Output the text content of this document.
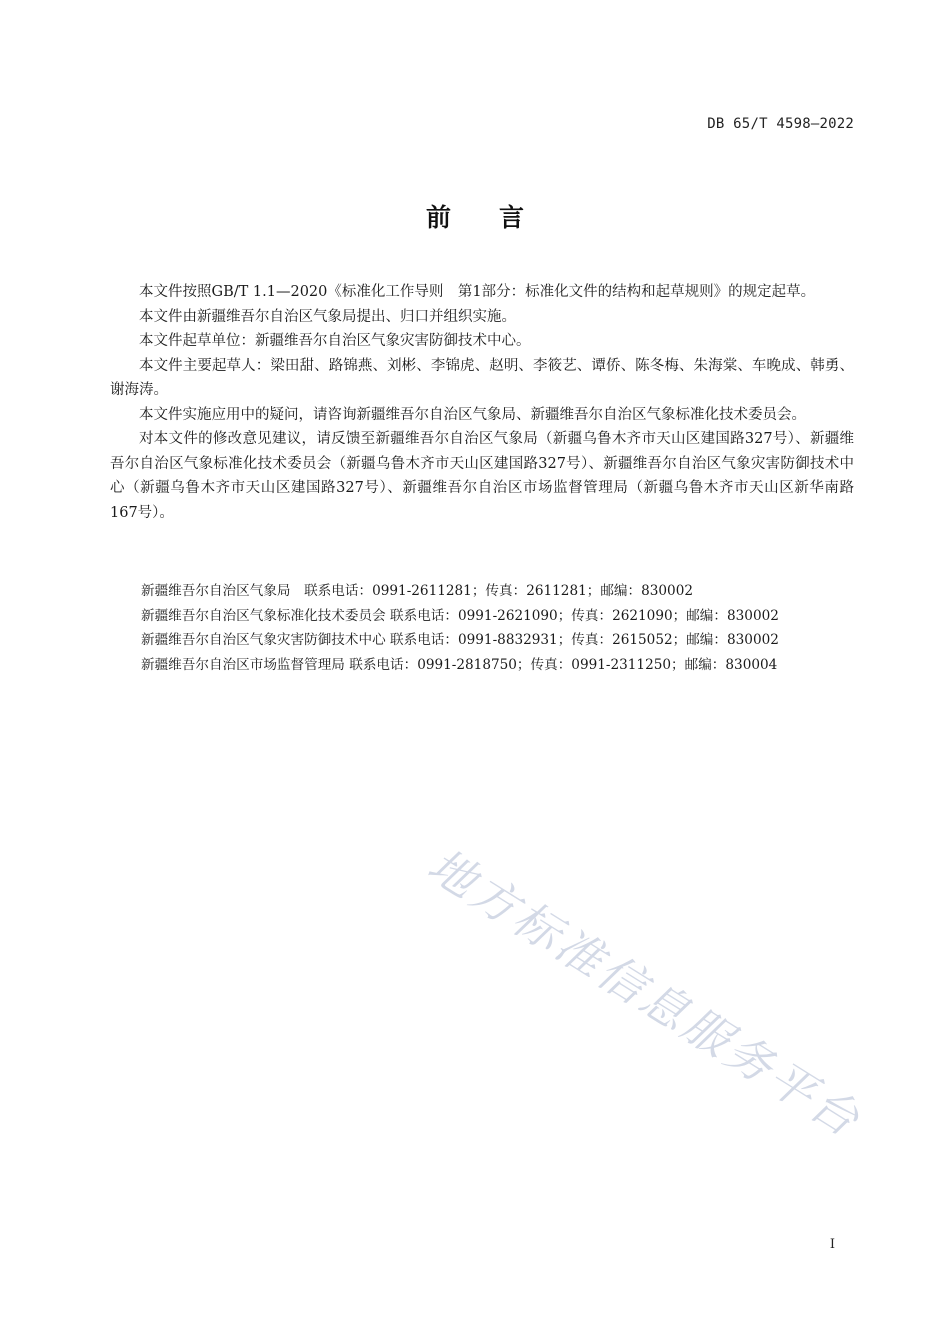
DB 65/T 4598—2022
前言

本文件按照GB/T 1.1—2020《标准化工作导则　第1部分：标准化文件的结构和起草规则》的规定起草。

本文件由新疆维吾尔自治区气象局提出、归口并组织实施。

本文件起草单位：新疆维吾尔自治区气象灾害防御技术中心。

本文件主要起草人：梁田甜、路锦燕、刘彬、李锦虎、赵明、李筱艺、谭侨、陈冬梅、朱海棠、车晚成、韩勇、谢海涛。

本文件实施应用中的疑问，请咨询新疆维吾尔自治区气象局、新疆维吾尔自治区气象标准化技术委员会。

对本文件的修改意见建议，请反馈至新疆维吾尔自治区气象局（新疆乌鲁木齐市天山区建国路327号）、新疆维吾尔自治区气象标准化技术委员会（新疆乌鲁木齐市天山区建国路327号）、新疆维吾尔自治区气象灾害防御技术中心（新疆乌鲁木齐市天山区建国路327号）、新疆维吾尔自治区市场监督管理局（新疆乌鲁木齐市天山区新华南路167号）。

新疆维吾尔自治区气象局　联系电话：0991-2611281；传真：2611281；邮编：830002
新疆维吾尔自治区气象标准化技术委员会 联系电话：0991-2621090；传真：2621090；邮编：830002
新疆维吾尔自治区气象灾害防御技术中心 联系电话：0991-8832931；传真：2615052；邮编：830002
新疆维吾尔自治区市场监督管理局 联系电话：0991-2818750；传真：0991-2311250；邮编：830004
地方标准信息服务平台
I
